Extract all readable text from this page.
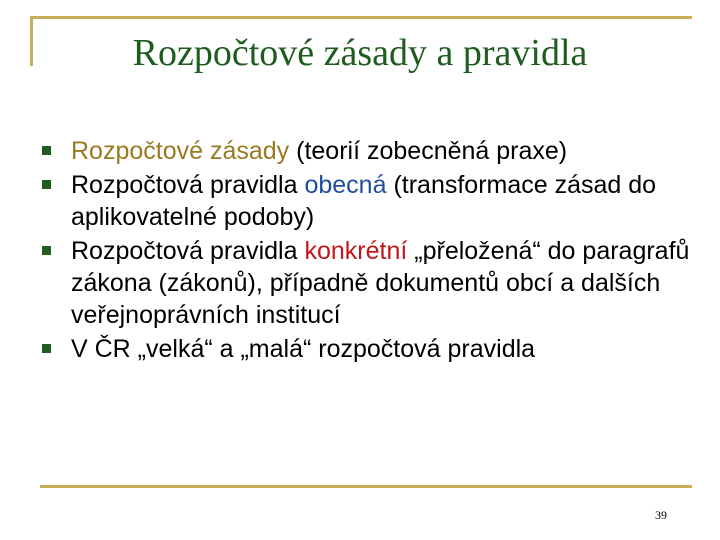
Rozpočtové zásady a pravidla
Rozpočtové zásady (teorií zobecněná praxe)
Rozpočtová pravidla obecná (transformace zásad do aplikovatelné podoby)
Rozpočtová pravidla konkrétní „přeložená“ do paragrafů zákona (zákonů), případně dokumentů obcí a dalších veřejnoprávních institucí
V ČR „velká“ a „malá“ rozpočtová pravidla
39
